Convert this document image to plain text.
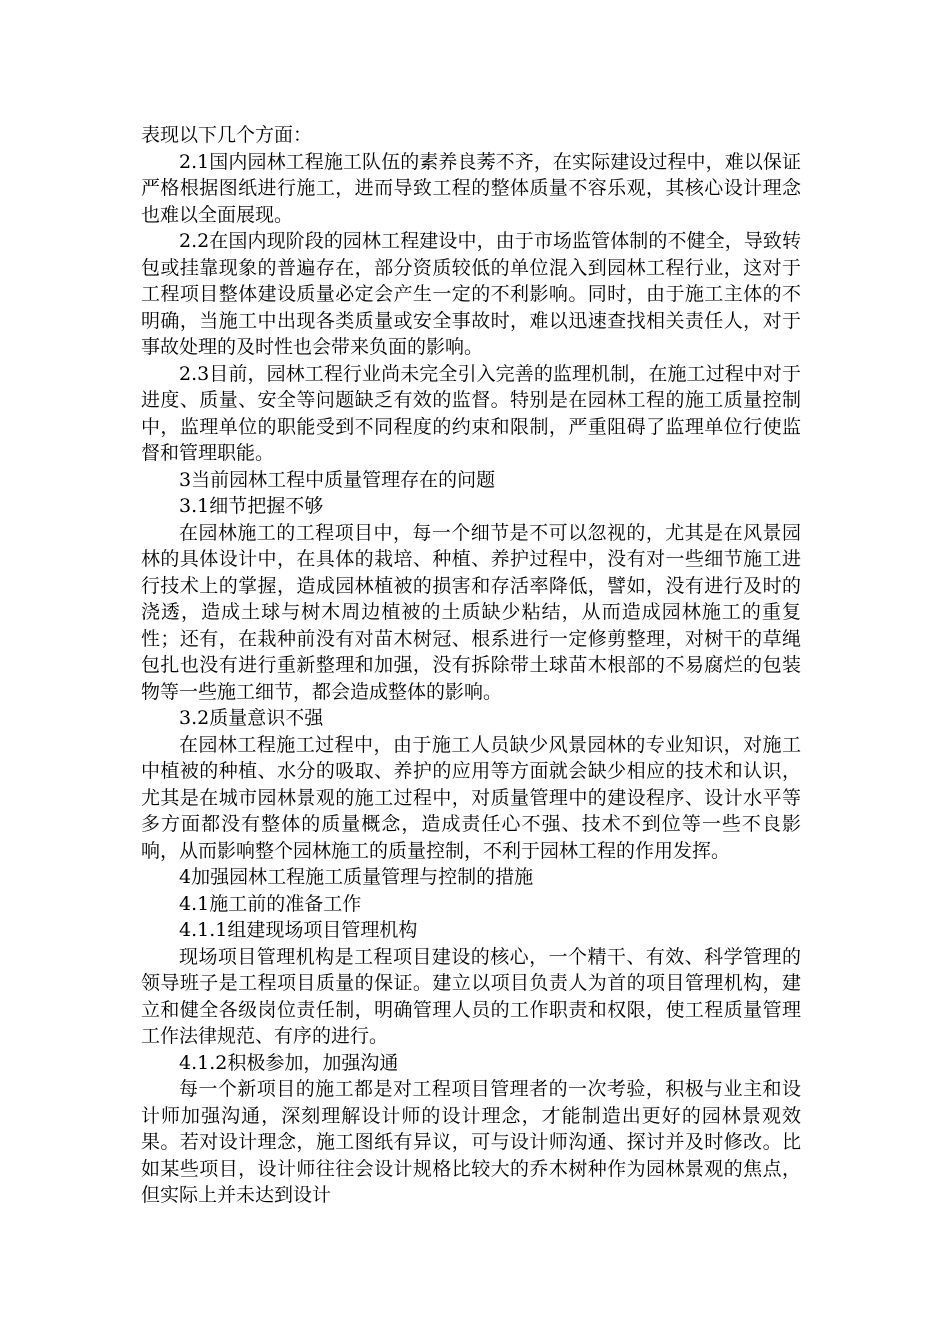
表现以下几个方面：

2.1国内园林工程施工队伍的素养良莠不齐，在实际建设过程中，难以保证严格根据图纸进行施工，进而导致工程的整体质量不容乐观，其核心设计理念也难以全面展现。

2.2在国内现阶段的园林工程建设中，由于市场监管体制的不健全，导致转包或挂靠现象的普遍存在，部分资质较低的单位混入到园林工程行业，这对于工程项目整体建设质量必定会产生一定的不利影响。同时，由于施工主体的不明确，当施工中出现各类质量或安全事故时，难以迅速查找相关责任人，对于事故处理的及时性也会带来负面的影响。

2.3目前，园林工程行业尚未完全引入完善的监理机制，在施工过程中对于进度、质量、安全等问题缺乏有效的监督。特别是在园林工程的施工质量控制中，监理单位的职能受到不同程度的约束和限制，严重阻碍了监理单位行使监督和管理职能。

3当前园林工程中质量管理存在的问题

3.1细节把握不够

在园林施工的工程项目中，每一个细节是不可以忽视的，尤其是在风景园林的具体设计中，在具体的栽培、种植、养护过程中，没有对一些细节施工进行技术上的掌握，造成园林植被的损害和存活率降低，譬如，没有进行及时的浇透，造成土球与树木周边植被的土质缺少粘结，从而造成园林施工的重复性；还有，在栽种前没有对苗木树冠、根系进行一定修剪整理，对树干的草绳包扎也没有进行重新整理和加强，没有拆除带土球苗木根部的不易腐烂的包装物等一些施工细节，都会造成整体的影响。

3.2质量意识不强

在园林工程施工过程中，由于施工人员缺少风景园林的专业知识，对施工中植被的种植、水分的吸取、养护的应用等方面就会缺少相应的技术和认识，尤其是在城市园林景观的施工过程中，对质量管理中的建设程序、设计水平等多方面都没有整体的质量概念，造成责任心不强、技术不到位等一些不良影响，从而影响整个园林施工的质量控制，不利于园林工程的作用发挥。

4加强园林工程施工质量管理与控制的措施

4.1施工前的准备工作

4.1.1组建现场项目管理机构

现场项目管理机构是工程项目建设的核心，一个精干、有效、科学管理的领导班子是工程项目质量的保证。建立以项目负责人为首的项目管理机构，建立和健全各级岗位责任制，明确管理人员的工作职责和权限，使工程质量管理工作法律规范、有序的进行。

4.1.2积极参加，加强沟通

每一个新项目的施工都是对工程项目管理者的一次考验，积极与业主和设计师加强沟通，深刻理解设计师的设计理念，才能制造出更好的园林景观效果。若对设计理念，施工图纸有异议，可与设计师沟通、探讨并及时修改。比如某些项目，设计师往往会设计规格比较大的乔木树种作为园林景观的焦点，但实际上并未达到设计
